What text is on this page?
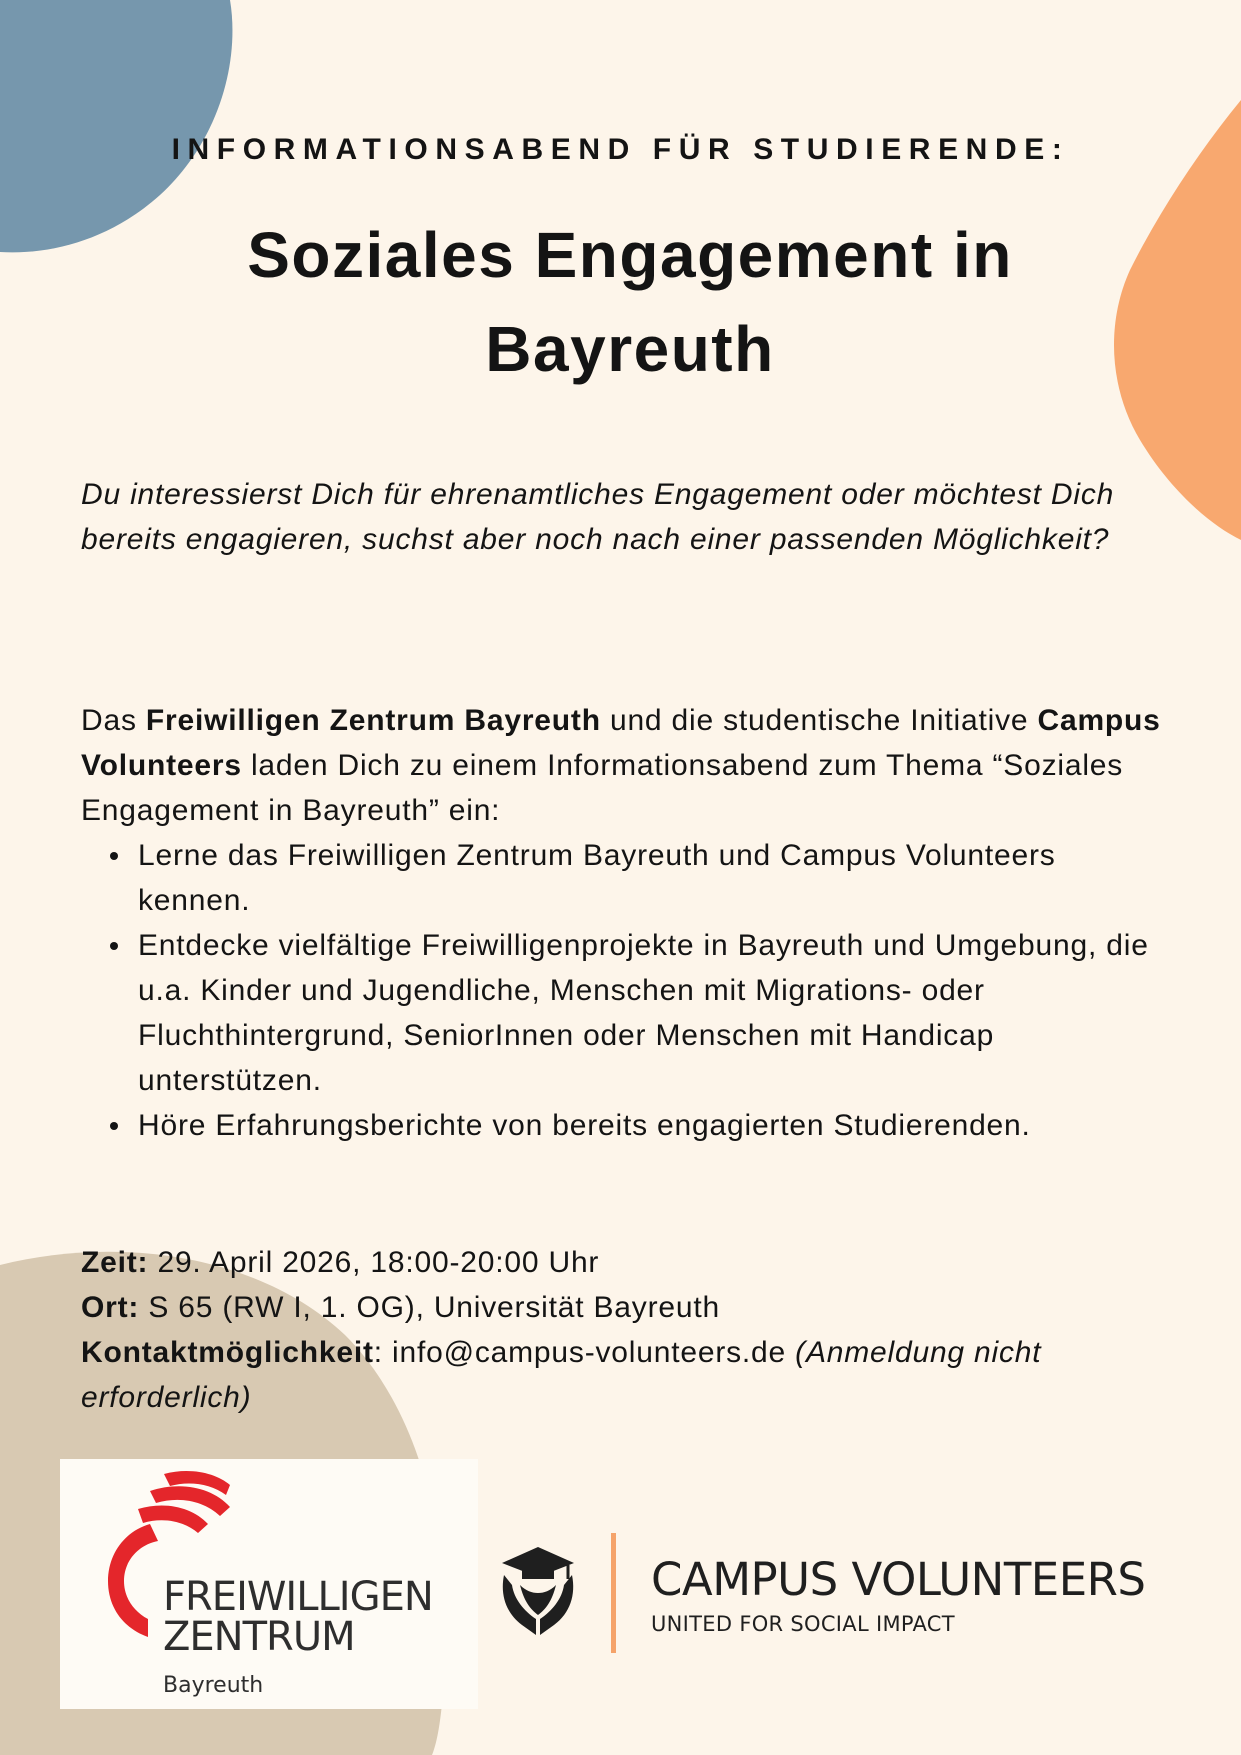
INFORMATIONSABEND FÜR STUDIERENDE:
Soziales Engagement in Bayreuth

Du interessierst Dich für ehrenamtliches Engagement oder möchtest Dich bereits engagieren, suchst aber noch nach einer passenden Möglichkeit?

Das Freiwilligen Zentrum Bayreuth und die studentische Initiative Campus Volunteers laden Dich zu einem Informationsabend zum Thema “Soziales Engagement in Bayreuth” ein:

Lerne das Freiwilligen Zentrum Bayreuth und Campus Volunteers kennen.
Entdecke vielfältige Freiwilligenprojekte in Bayreuth und Umgebung, die u.a. Kinder und Jugendliche, Menschen mit Migrations- oder Fluchthintergrund, SeniorInnen oder Menschen mit Handicap unterstützen.
Höre Erfahrungsberichte von bereits engagierten Studierenden.

Zeit: 29. April 2026, 18:00-20:00 Uhr

Ort: S 65 (RW I, 1. OG), Universität Bayreuth

Kontaktmöglichkeit: info@campus-volunteers.de (Anmeldung nicht erforderlich)

FREIWILLIGEN
ZENTRUM
Bayreuth
CAMPUS VOLUNTEERS
UNITED FOR SOCIAL IMPACT
